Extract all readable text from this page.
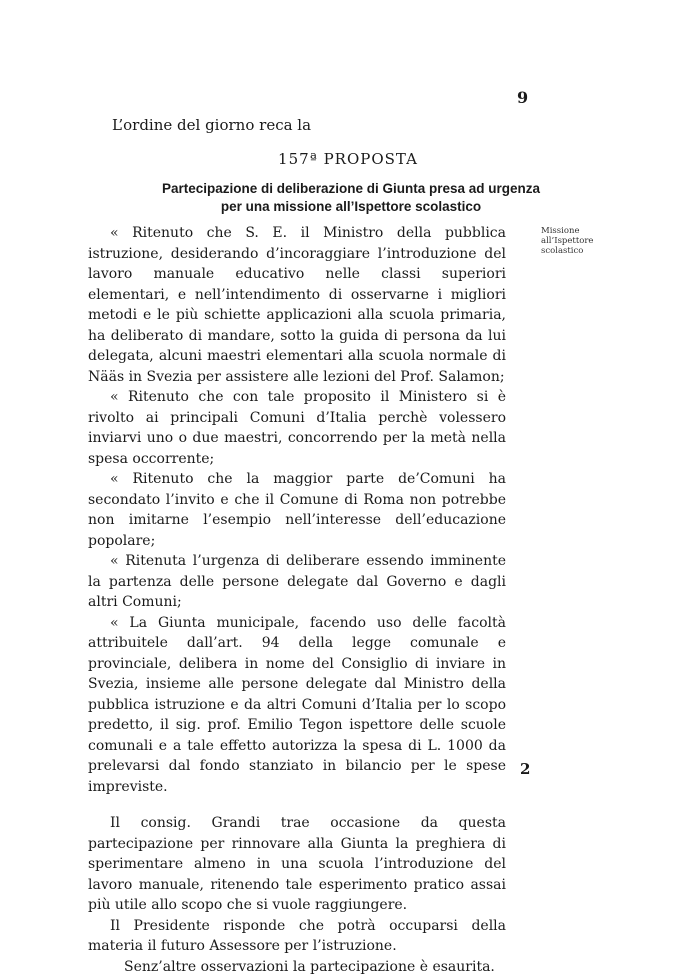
9
L’ordine del giorno reca la
157ª PROPOSTA
Partecipazione di deliberazione di Giunta presa ad urgenza
per una missione all’Ispettore scolastico
Missione all’Ispettore scolastico

« Ritenuto che S. E. il Ministro della pubblica istruzione, desiderando d’incoraggiare l’introduzione del lavoro manuale educativo nelle classi superiori elementari, e nell’intendimento di osservarne i migliori metodi e le più schiette applicazioni alla scuola primaria, ha deliberato di mandare, sotto la guida di persona da lui delegata, alcuni maestri elementari alla scuola normale di Nääs in Svezia per assistere alle lezioni del Prof. Salamon;

« Ritenuto che con tale proposito il Ministero si è rivolto ai principali Comuni d’Italia perchè volessero inviarvi uno o due maestri, concorrendo per la metà nella spesa occorrente;

« Ritenuto che la maggior parte de’Comuni ha secondato l’invito e che il Comune di Roma non potrebbe non imitarne l’esempio nell’interesse dell’educazione popolare;

« Ritenuta l’urgenza di deliberare essendo imminente la partenza delle persone delegate dal Governo e dagli altri Comuni;

« La Giunta municipale, facendo uso delle facoltà attribuitele dall’art. 94 della legge comunale e provinciale, delibera in nome del Consiglio di inviare in Svezia, insieme alle persone delegate dal Ministro della pubblica istruzione e da altri Comuni d’Italia per lo scopo predetto, il sig. prof. Emilio Tegon ispettore delle scuole comunali e a tale effetto autorizza la spesa di L. 1000 da prelevarsi dal fondo stanziato in bilancio per le spese impreviste.

Il consig. Grandi trae occasione da questa partecipazione per rinnovare alla Giunta la preghiera di sperimentare almeno in una scuola l’introduzione del lavoro manuale, ritenendo tale esperimento pratico assai più utile allo scopo che si vuole raggiungere.

Il Presidente risponde che potrà occuparsi della materia il futuro Assessore per l’istruzione.

Senz’altre osservazioni la partecipazione è esaurita.

2
